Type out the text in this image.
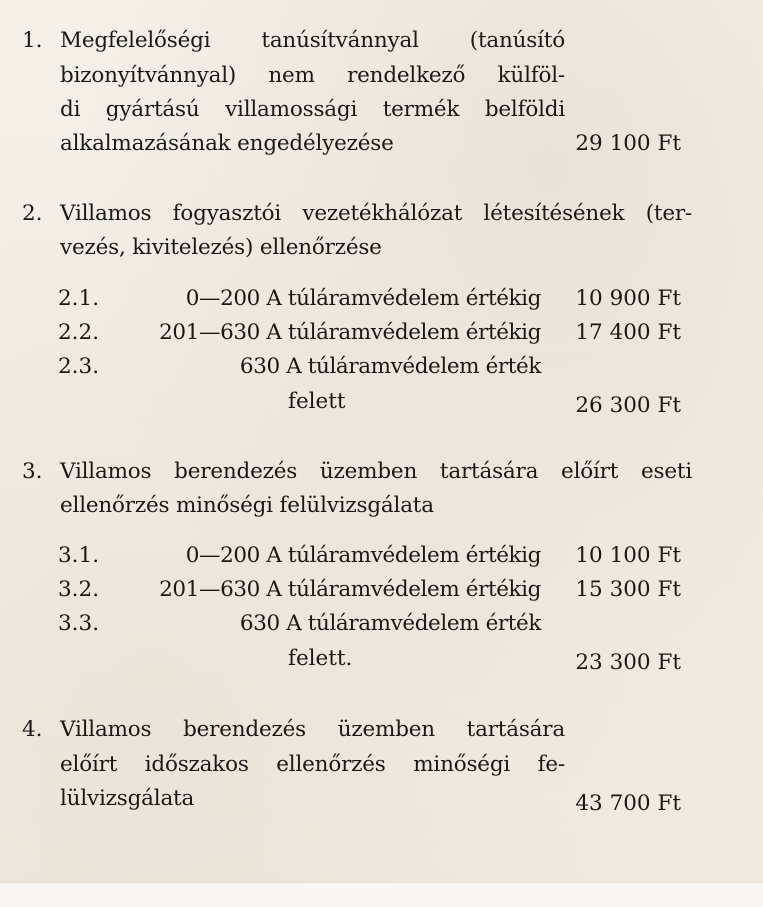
1. Megfelelőségi tanúsítvánnyal (tanúsító
bizonyítvánnyal) nem rendelkező külföl-
di gyártású villamossági termék belföldi
alkalmazásának engedélyezése	29 100 Ft
2. Villamos fogyasztói vezetékhálózat létesítésének (ter-
vezés, kivitelezés) ellenőrzése
2.1.	0—200 A túláramvédelem értékig 10 900 Ft
2.2.	201—630 A túláramvédelem értékig 17 400 Ft
2.3.	630 A túláramvédelem érték
felett	26 300 Ft
3. Villamos berendezés üzemben tartására előírt eseti
ellenőrzés minőségi felülvizsgálata
3.1.	0—200 A túláramvédelem értékig 10 100 Ft
3.2.	201—630 A túláramvédelem értékig 15 300 Ft
3.3.	630 A túláramvédelem érték
felett.	23 300 Ft
4. Villamos berendezés üzemben tartására
előírt időszakos ellenőrzés minőségi fe-
lülvizsgálata	43 700 Ft
